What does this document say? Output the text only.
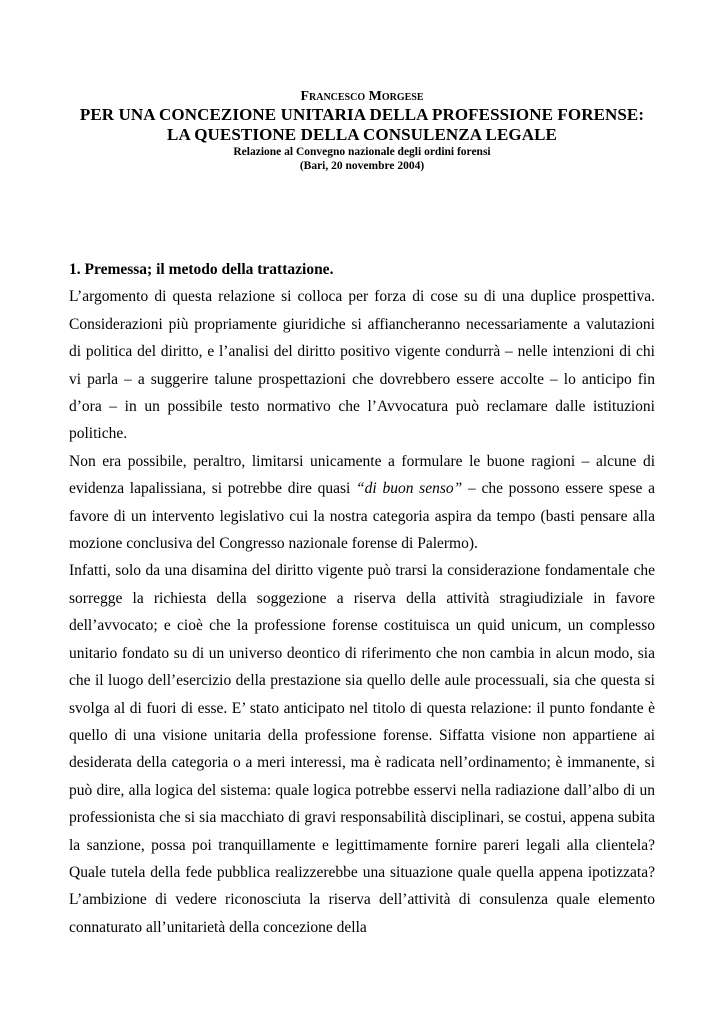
Francesco Morgese
PER UNA CONCEZIONE UNITARIA DELLA PROFESSIONE FORENSE:
LA QUESTIONE DELLA CONSULENZA LEGALE
Relazione al Convegno nazionale degli ordini forensi
(Bari, 20 novembre 2004)

1. Premessa; il metodo della trattazione.

L’argomento di questa relazione si colloca per forza di cose su di una duplice prospettiva. Considerazioni più propriamente giuridiche si affiancheranno necessariamente a valutazioni di politica del diritto, e l’analisi del diritto positivo vigente condurrà – nelle intenzioni di chi vi parla – a suggerire talune prospettazioni che dovrebbero essere accolte – lo anticipo fin d’ora – in un possibile testo normativo che l’Avvocatura può reclamare dalle istituzioni politiche.

Non era possibile, peraltro, limitarsi unicamente a formulare le buone ragioni – alcune di evidenza lapalissiana, si potrebbe dire quasi “di buon senso” – che possono essere spese a favore di un intervento legislativo cui la nostra categoria aspira da tempo (basti pensare alla mozione conclusiva del Congresso nazionale forense di Palermo).

Infatti, solo da una disamina del diritto vigente può trarsi la considerazione fondamentale che sorregge la richiesta della soggezione a riserva della attività stragiudiziale in favore dell’avvocato; e cioè che la professione forense costituisca un quid unicum, un complesso unitario fondato su di un universo deontico di riferimento che non cambia in alcun modo, sia che il luogo dell’esercizio della prestazione sia quello delle aule processuali, sia che questa si svolga al di fuori di esse. E’ stato anticipato nel titolo di questa relazione: il punto fondante è quello di una visione unitaria della professione forense. Siffatta visione non appartiene ai desiderata della categoria o a meri interessi, ma è radicata nell’ordinamento; è immanente, si può dire, alla logica del sistema: quale logica potrebbe esservi nella radiazione dall’albo di un professionista che si sia macchiato di gravi responsabilità disciplinari, se costui, appena subita la sanzione, possa poi tranquillamente e legittimamente fornire pareri legali alla clientela? Quale tutela della fede pubblica realizzerebbe una situazione quale quella appena ipotizzata? L’ambizione di vedere riconosciuta la riserva dell’attività di consulenza quale elemento connaturato all’unitarietà della concezione della
